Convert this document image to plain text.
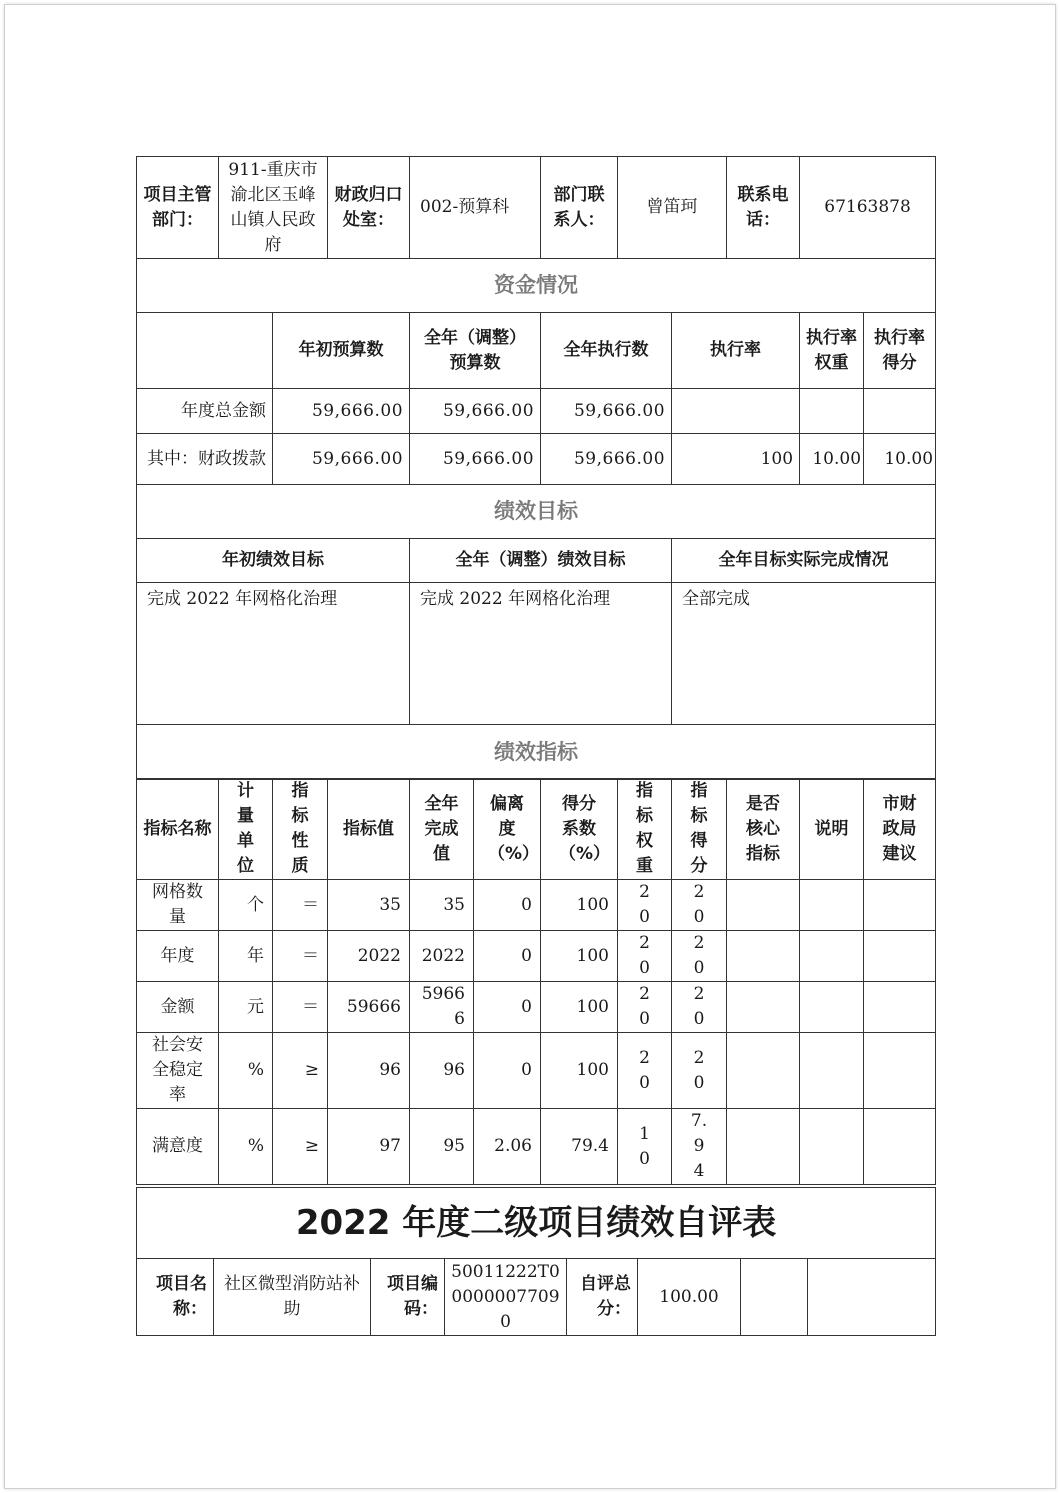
项目主管部门：	911-重庆市渝北区玉峰山镇人民政府		财政归口处室：	002-预算科	部门联系人：	曾笛珂		联系电话：	67163878	
资金情况										
		年初预算数		全年（调整）预算数	全年执行数		执行率		执行率权重	执行率得分
年度总金额		59,666.00		59,666.00	59,666.00					
其中：财政拨款		59,666.00		59,666.00	59,666.00		100		10.00	10.00
绩效目标										
年初绩效目标				全年（调整）绩效目标			全年目标实际完成情况			
完成 2022 年网格化治理				完成 2022 年网格化治理			全部完成			
绩效指标										
指标名称	计量单位	指标性质	指标值	全年完成值	偏离度（%）	得分系数（%）	指标权重	指标得分	是否核心指标	说明	市财政局建议
网格数量	个	＝	35	35	0	100	20	20			
年度	年	＝	2022	2022	0	100	20	20			
金额	元	＝	59666	59666	0	100	20	20			
社会安全稳定率	%	≥	96	96	0	100	20	20			
满意度	%	≥	97	95	2.06	79.4	10	7.94			
2022 年度二级项目绩效自评表
项目名称：	社区微型消防站补助	项目编码：	50011222T000000077090	自评总分：	100.00		
